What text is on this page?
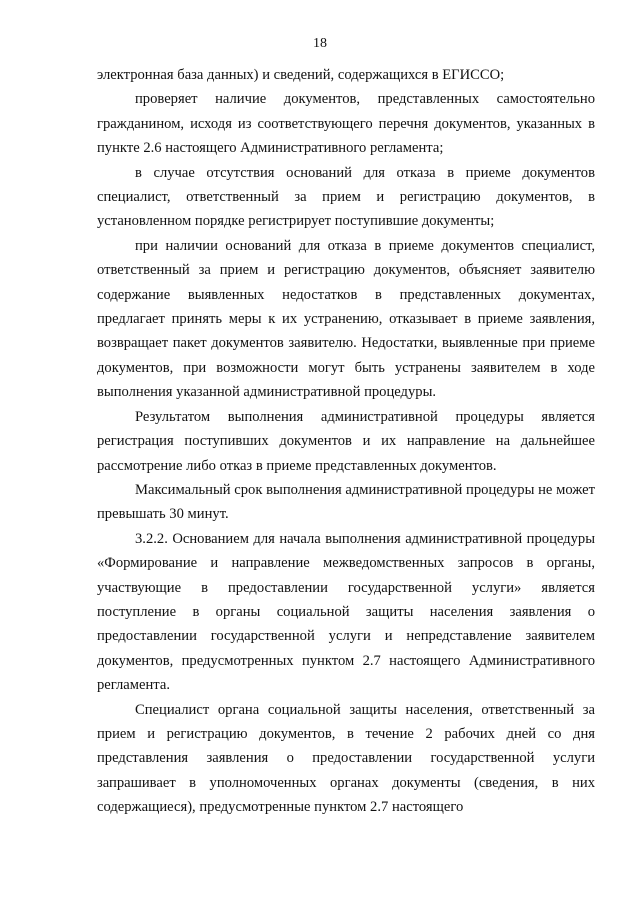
18

электронная база данных) и сведений, содержащихся в ЕГИССО;

проверяет наличие документов, представленных самостоятельно гражданином, исходя из соответствующего перечня документов, указанных в пункте 2.6 настоящего Административного регламента;

в случае отсутствия оснований для отказа в приеме документов специалист, ответственный за прием и регистрацию документов, в установленном порядке регистрирует поступившие документы;

при наличии оснований для отказа в приеме документов специалист, ответственный за прием и регистрацию документов, объясняет заявителю содержание выявленных недостатков в представленных документах, предлагает принять меры к их устранению, отказывает в приеме заявления, возвращает пакет документов заявителю. Недостатки, выявленные при приеме документов, при возможности могут быть устранены заявителем в ходе выполнения указанной административной процедуры.

Результатом выполнения административной процедуры является регистрация поступивших документов и их направление на дальнейшее рассмотрение либо отказ в приеме представленных документов.

Максимальный срок выполнения административной процедуры не может превышать 30 минут.

3.2.2. Основанием для начала выполнения административной процедуры «Формирование и направление межведомственных запросов в органы, участвующие в предоставлении государственной услуги» является поступление в органы социальной защиты населения заявления о предоставлении государственной услуги и непредставление заявителем документов, предусмотренных пунктом 2.7 настоящего Административного регламента.

Специалист органа социальной защиты населения, ответственный за прием и регистрацию документов, в течение 2 рабочих дней со дня представления заявления о предоставлении государственной услуги запрашивает в уполномоченных органах документы (сведения, в них содержащиеся), предусмотренные пунктом 2.7 настоящего
